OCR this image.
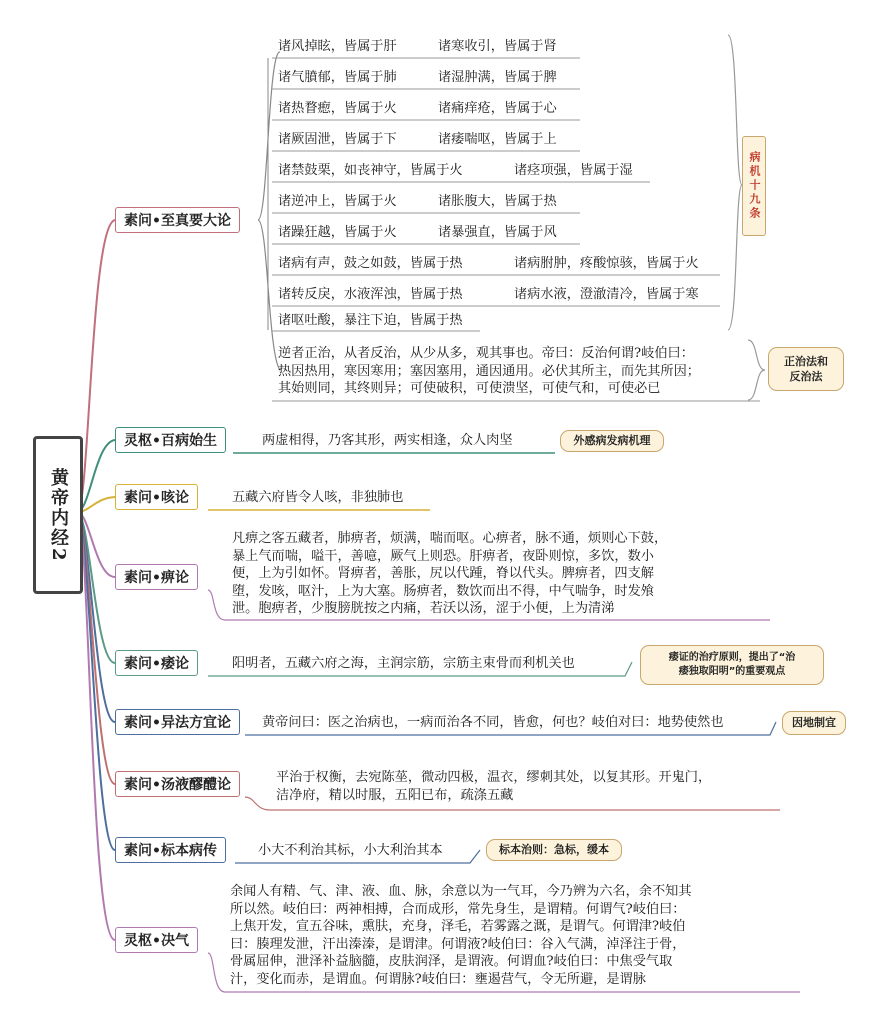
黄帝内经2
素问•至真要大论
灵枢•百病始生
素问•咳论
素问•痹论
素问•痿论
素问•异法方宜论
素问•汤液醪醴论
素问•标本病传
灵枢•决气
诸风掉眩，皆属于肝	诸寒收引，皆属于肾
诸气膹郁，皆属于肺	诸湿肿满，皆属于脾
诸热瞀瘛，皆属于火	诸痛痒疮，皆属于心
诸厥固泄，皆属于下	诸痿喘呕，皆属于上
诸禁鼓栗，如丧神守，皆属于火	诸痉项强，皆属于湿
诸逆冲上，皆属于火	诸胀腹大，皆属于热
诸躁狂越，皆属于火	诸暴强直，皆属于风
诸病有声，鼓之如鼓，皆属于热	诸病胕肿，疼酸惊骇，皆属于火
诸转反戾，水液浑浊，皆属于热	诸病水液，澄澈清冷，皆属于寒
诸呕吐酸，暴注下迫，皆属于热
病机十九条
逆者正治，从者反治，从少从多，观其事也。帝曰：反治何谓?岐伯曰：
热因热用，寒因寒用；塞因塞用，通因通用。必伏其所主，而先其所因；
其始则同，其终则异；可使破积，可使溃坚，可使气和，可使必已
正治法和
反治法
两虚相得，乃客其形，两实相逢，众人肉坚	外感病发病机理
五藏六府皆令人咳，非独肺也
凡痹之客五藏者，肺痹者，烦满，喘而呕。心痹者，脉不通，烦则心下鼓，
暴上气而喘，嗌干，善噫，厥气上则恐。肝痹者，夜卧则惊，多饮，数小
便，上为引如怀。肾痹者，善胀，尻以代踵，脊以代头。脾痹者，四支解
堕，发咳，呕汁，上为大塞。肠痹者，数饮而出不得，中气喘争，时发飧
泄。胞痹者，少腹膀胱按之内痛，若沃以汤，涩于小便，上为清涕
阳明者，五藏六府之海，主润宗筋，宗筋主束骨而利机关也	痿证的治疗原则，提出了“治
痿独取阳明”的重要观点
黄帝问曰：医之治病也，一病而治各不同，皆愈，何也？岐伯对曰：地势使然也	因地制宜
平治于权衡，去宛陈莝，微动四极，温衣，缪刺其处，以复其形。开鬼门，
洁净府，精以时服，五阳已布，疏涤五藏
小大不利治其标，小大利治其本	标本治则：急标，缓本
余闻人有精、气、津、液、血、脉，余意以为一气耳，今乃辨为六名，余不知其
所以然。岐伯曰：两神相搏，合而成形，常先身生，是谓精。何谓气?岐伯曰：
上焦开发，宣五谷味，熏肤，充身，泽毛，若雾露之溉，是谓气。何谓津?岐伯
曰：腠理发泄，汗出溱溱，是谓津。何谓液?岐伯曰：谷入气满，淖泽注于骨，
骨属屈伸，泄泽补益脑髓，皮肤润泽，是谓液。何谓血?岐伯曰：中焦受气取
汁，变化而赤，是谓血。何谓脉?岐伯曰：壅遏营气，令无所避，是谓脉
